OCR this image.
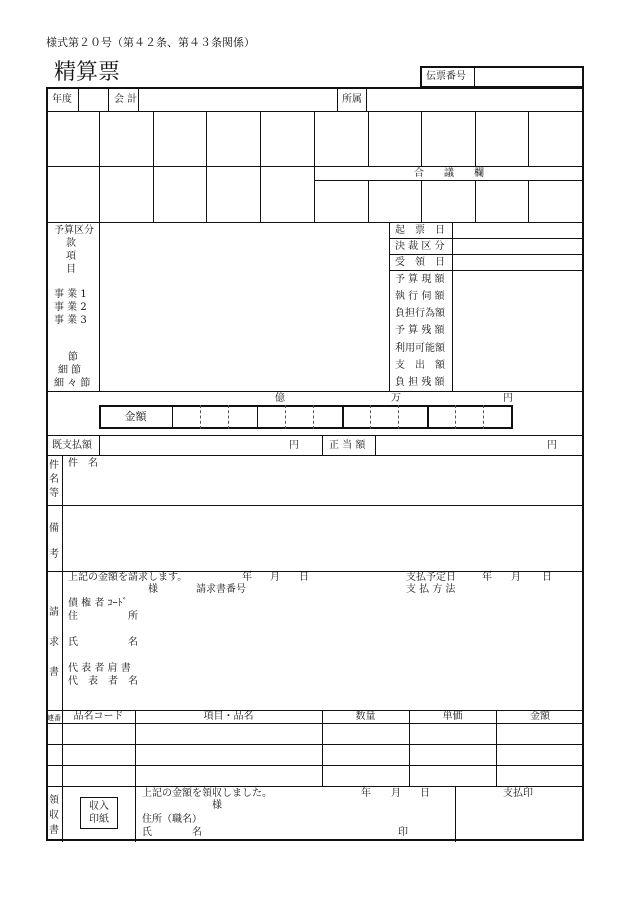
様式第２０号（第４２条、第４３条関係）
精算票	伝票番号
年度	会 計	所属
合　　議　　欄
予算区分
款
項
目
事 業 1
事 業 2
事 業 3
節
細 節
細 々 節
起　票　日
決 裁 区 分
受　領　日
予 算 現 額
執 行 伺 額
負担行為額
予 算 残 額
利用可能額
支　出　額
負 担 残 額
億	万	円
金額
既支払額	円	正 当 額	円
件名等
件　名
備考
請求書
上記の金額を請求します。	年 月 日
様	請求書番号
支払予定日	年 月 日
支 払 方 法
債 権 者 ｺｰﾄﾞ
住　　　　　所
氏　　　　　名
代 表 者 肩 書
代　表　者　名
連番	品名コード	項目・品名	数量	単価	金額
領収書
収入
印紙
上記の金額を領収しました。	年 月 日
様
住所（職名）
氏　　　　名	印
支払印
